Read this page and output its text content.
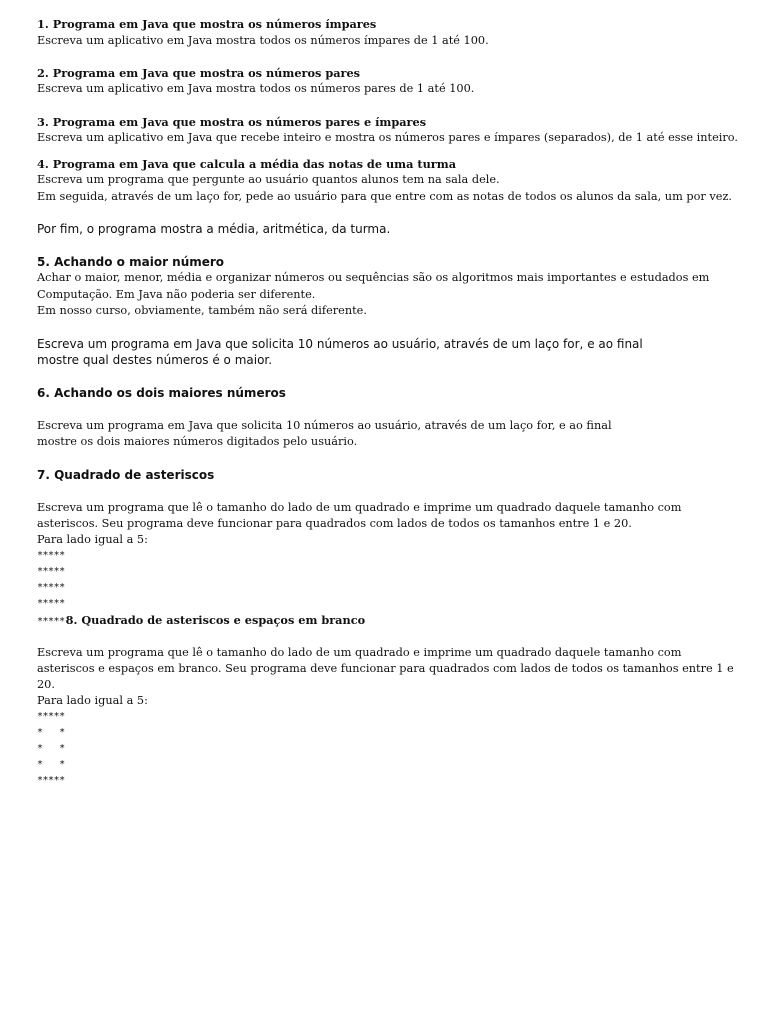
1. Programa em Java que mostra os números ímpares
Escreva um aplicativo em Java mostra todos os números ímpares de 1 até 100.
2. Programa em Java que mostra os números pares
Escreva um aplicativo em Java mostra todos os números pares de 1 até 100.
3. Programa em Java que mostra os números pares e ímpares
Escreva um aplicativo em Java que recebe inteiro e mostra os números pares e ímpares (separados), de 1 até esse inteiro.
4. Programa em Java que calcula a média das notas de uma turma
Escreva um programa que pergunte ao usuário quantos alunos tem na sala dele.
Em seguida, através de um laço for, pede ao usuário para que entre com as notas de todos os alunos da sala, um por vez.
Por fim, o programa mostra a média, aritmética, da turma.
5. Achando o maior número
Achar o maior, menor, média e organizar números ou sequências são os algoritmos mais importantes e estudados em
Computação. Em Java não poderia ser diferente.
Em nosso curso, obviamente, também não será diferente.
Escreva um programa em Java que solicita 10 números ao usuário, através de um laço for, e ao final
mostre qual destes números é o maior.
6. Achando os dois maiores números
Escreva um programa em Java que solicita 10 números ao usuário, através de um laço for, e ao final
mostre os dois maiores números digitados pelo usuário.
7. Quadrado de asteriscos
Escreva um programa que lê o tamanho do lado de um quadrado e imprime um quadrado daquele tamanho com
asteriscos. Seu programa deve funcionar para quadrados com lados de todos os tamanhos entre 1 e 20.
Para lado igual a 5:
*****
*****
*****
*****
*****8. Quadrado de asteriscos e espaços em branco
Escreva um programa que lê o tamanho do lado de um quadrado e imprime um quadrado daquele tamanho com
asteriscos e espaços em branco. Seu programa deve funcionar para quadrados com lados de todos os tamanhos entre 1 e
20.
Para lado igual a 5:
*****
*   *
*   *
*   *
*****
